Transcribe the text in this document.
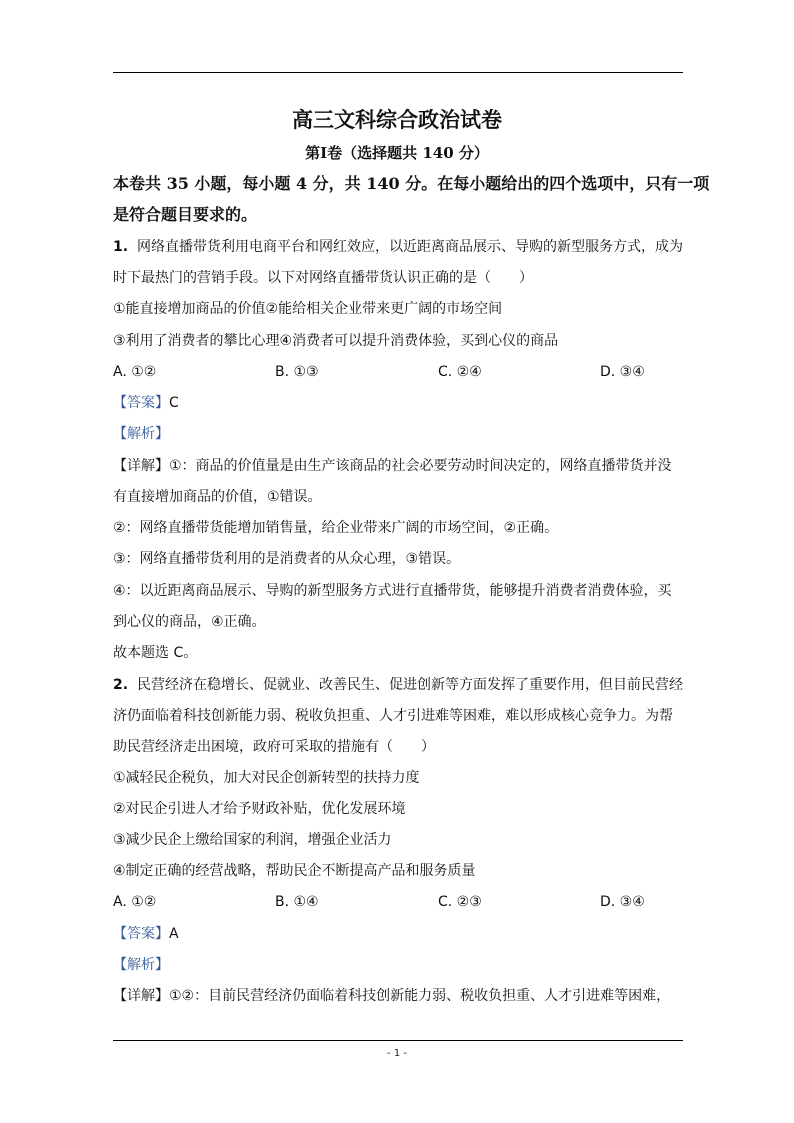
高三文科综合政治试卷
第Ⅰ卷（选择题共 140 分）
本卷共 35 小题，每小题 4 分，共 140 分。在每小题给出的四个选项中，只有一项
是符合题目要求的。
1. 网络直播带货利用电商平台和网红效应，以近距离商品展示、导购的新型服务方式，成为
时下最热门的营销手段。以下对网络直播带货认识正确的是（　　）
①能直接增加商品的价值②能给相关企业带来更广阔的市场空间
③利用了消费者的攀比心理④消费者可以提升消费体验，买到心仪的商品
A. ①②	B. ①③	C. ②④	D. ③④
【答案】C
【解析】
【详解】①：商品的价值量是由生产该商品的社会必要劳动时间决定的，网络直播带货并没
有直接增加商品的价值，①错误。
②：网络直播带货能增加销售量，给企业带来广阔的市场空间，②正确。
③：网络直播带货利用的是消费者的从众心理，③错误。
④：以近距离商品展示、导购的新型服务方式进行直播带货，能够提升消费者消费体验，买
到心仪的商品，④正确。
故本题选 C。
2. 民营经济在稳增长、促就业、改善民生、促进创新等方面发挥了重要作用，但目前民营经
济仍面临着科技创新能力弱、税收负担重、人才引进难等困难，难以形成核心竞争力。为帮
助民营经济走出困境，政府可采取的措施有（　　）
①减轻民企税负，加大对民企创新转型的扶持力度
②对民企引进人才给予财政补贴，优化发展环境
③减少民企上缴给国家的利润，增强企业活力
④制定正确的经营战略，帮助民企不断提高产品和服务质量
A. ①②	B. ①④	C. ②③	D. ③④
【答案】A
【解析】
【详解】①②：目前民营经济仍面临着科技创新能力弱、税收负担重、人才引进难等困难，
- 1 -
